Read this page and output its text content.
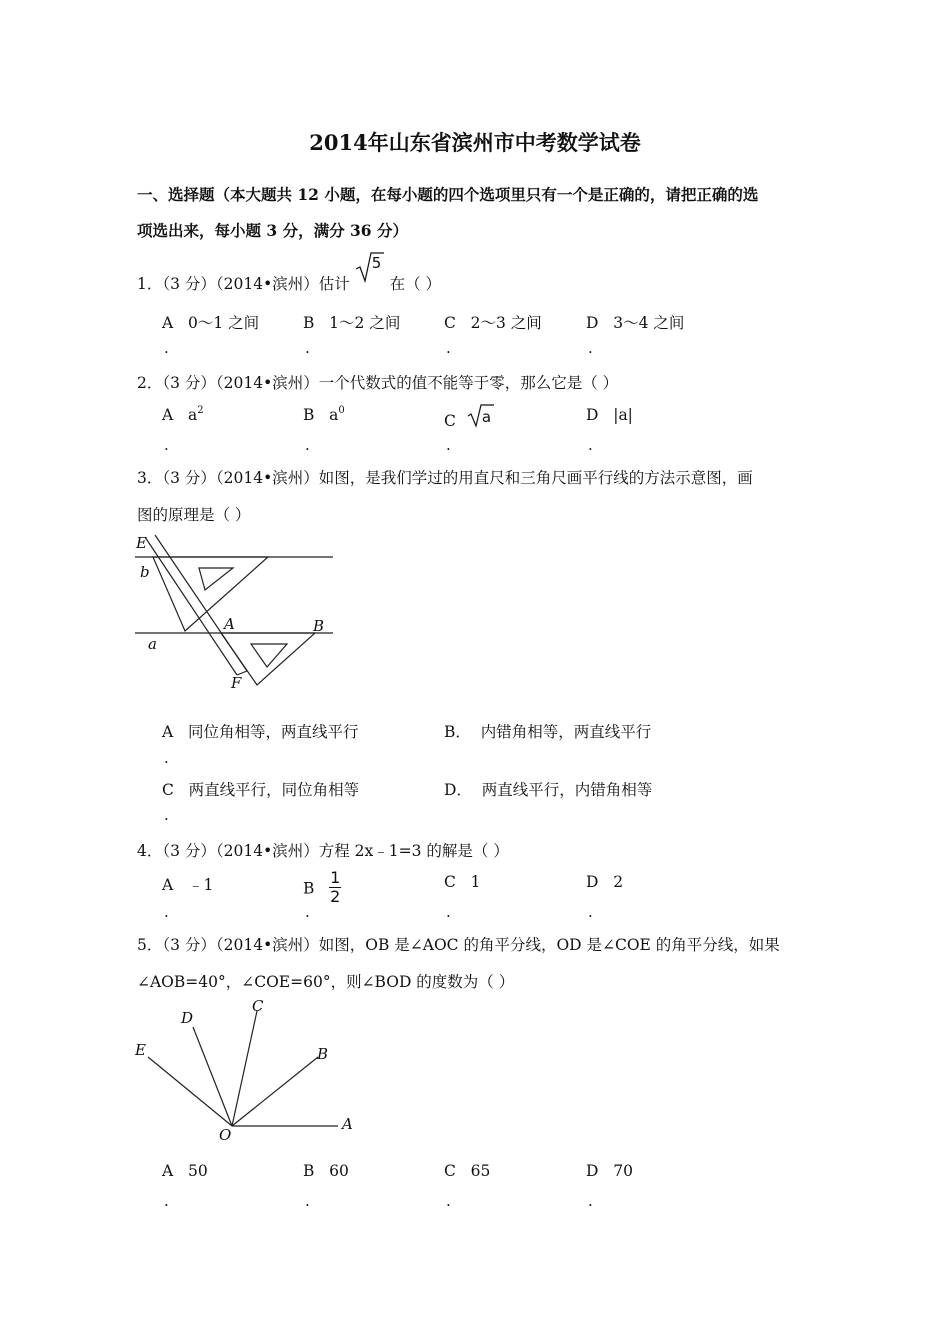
2014年山东省滨州市中考数学试卷
一、选择题（本大题共 12 小题，在每小题的四个选项里只有一个是正确的，请把正确的选
项选出来，每小题 3 分，满分 36 分）
1．（3 分）（2014•滨州）估计
5
在（ ）
A 0～1 之间	B 1～2 之间	C 2～3 之间	D 3～4 之间
.	.	.	.
2．（3 分）（2014•滨州）一个代数式的值不能等于零，那么它是（ ）
A $a^2$	B $a^0$
C a	D |a|
.	.	.	.
3．（3 分）（2014•滨州）如图，是我们学过的用直尺和三角尺画平行线的方法示意图，画
图的原理是（ ）
E
b
A	B
a
F
A 同位角相等，两直线平行	B． 内错角相等，两直线平行
.
C 两直线平行，同位角相等	D． 两直线平行，内错角相等
.
4．（3 分）（2014•滨州）方程 2x﹣1=3 的解是（ ）
A ﹣1	B $\frac{1}{2}$	C 1	D 2
.	.	.	.
5．（3 分）（2014•滨州）如图，OB 是∠AOC 的角平分线，OD 是∠COE 的角平分线，如果
∠AOB=40°，∠COE=60°，则∠BOD 的度数为（ ）
E
D
C
B
O
A
A 50	B 60	C 65	D 70
.	.	.	.
